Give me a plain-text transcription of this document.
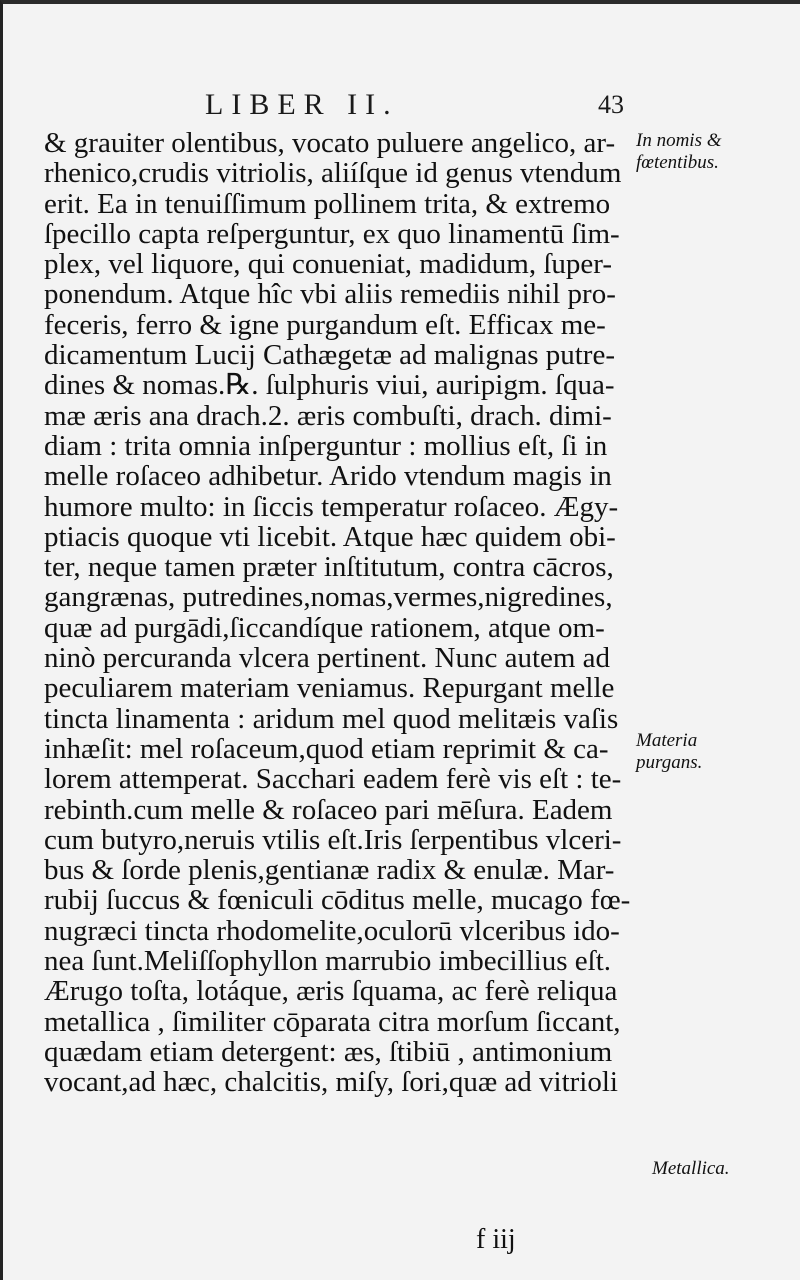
LIBER II.	43
& grauiter olentibus, vocato puluere angelico, ar-
rhenico,crudis vitriolis, aliíſque id genus vtendum
erit. Ea in tenuiſſimum pollinem trita, & extremo
ſpecillo capta reſperguntur, ex quo linamentū ſim-
plex, vel liquore, qui conueniat, madidum, ſuper-
ponendum. Atque hîc vbi aliis remediis nihil pro-
feceris, ferro & igne purgandum eſt. Efficax me-
dicamentum Lucij Cathægetæ ad malignas putre-
dines & nomas.℞. ſulphuris viui, auripigm. ſqua-
mæ æris ana drach.2. æris combuſti, drach. dimi-
diam : trita omnia inſperguntur : mollius eſt, ſi in
melle roſaceo adhibetur. Arido vtendum magis in
humore multo: in ſiccis temperatur roſaceo. Ægy-
ptiacis quoque vti licebit. Atque hæc quidem obi-
ter, neque tamen præter inſtitutum, contra cācros,
gangrænas, putredines,nomas,vermes,nigredines,
quæ ad purgādi,ſiccandíque rationem, atque om-
ninò percuranda vlcera pertinent. Nunc autem ad
peculiarem materiam veniamus. Repurgant melle
tincta linamenta : aridum mel quod melitæis vaſis
inhæſit: mel roſaceum,quod etiam reprimit & ca-
lorem attemperat. Sacchari eadem ferè vis eſt : te-
rebinth.cum melle & roſaceo pari mēſura. Eadem
cum butyro,neruis vtilis eſt.Iris ſerpentibus vlceri-
bus & ſorde plenis,gentianæ radix & enulæ. Mar-
rubij ſuccus & fœniculi cōditus melle, mucago fœ-
nugræci tincta rhodomelite,oculorū vlceribus ido-
nea ſunt.Meliſſophyllon marrubio imbecillius eſt.
Ærugo toſta, lotáque, æris ſquama, ac ferè reliqua
metallica , ſimiliter cōparata citra morſum ſiccant,
quædam etiam detergent: æs, ſtibiū , antimonium
vocant,ad hæc, chalcitis, miſy, ſori,quæ ad vitrioli
In nomis &
fœtentibus.
Materia
purgans.
Metallica.
f iij
